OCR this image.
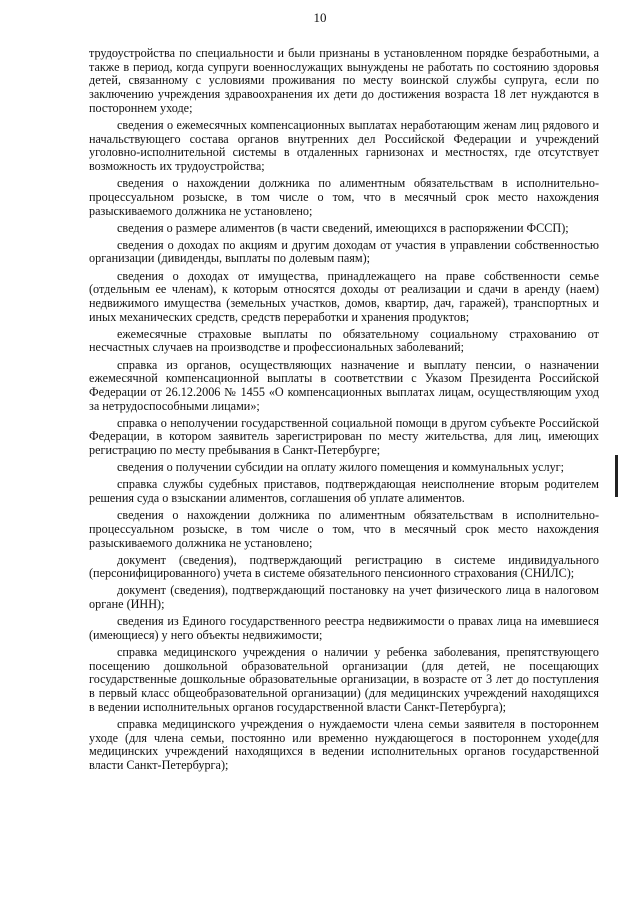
10

трудоустройства по специальности и были признаны в установленном порядке безработными, а также в период, когда супруги военнослужащих вынуждены не работать по состоянию здоровья детей, связанному с условиями проживания по месту воинской службы супруга, если по заключению учреждения здравоохранения их дети до достижения возраста 18 лет нуждаются в постороннем уходе;

сведения о ежемесячных компенсационных выплатах неработающим женам лиц рядового и начальствующего состава органов внутренних дел Российской Федерации и учреждений уголовно-исполнительной системы в отдаленных гарнизонах и местностях, где отсутствует возможность их трудоустройства;

сведения о нахождении должника по алиментным обязательствам в исполнительно-процессуальном розыске, в том числе о том, что в месячный срок место нахождения разыскиваемого должника не установлено;

сведения о размере алиментов (в части сведений, имеющихся в распоряжении ФССП);

сведения о доходах по акциям и другим доходам от участия в управлении собственностью организации (дивиденды, выплаты по долевым паям);

сведения о доходах от имущества, принадлежащего на праве собственности семье (отдельным ее членам), к которым относятся доходы от реализации и сдачи в аренду (наем) недвижимого имущества (земельных участков, домов, квартир, дач, гаражей), транспортных и иных механических средств, средств переработки и хранения продуктов;

ежемесячные страховые выплаты по обязательному социальному страхованию от несчастных случаев на производстве и профессиональных заболеваний;

справка из органов, осуществляющих назначение и выплату пенсии, о назначении ежемесячной компенсационной выплаты в соответствии с Указом Президента Российской Федерации от 26.12.2006 № 1455 «О компенсационных выплатах лицам, осуществляющим уход за нетрудоспособными лицами»;

справка о неполучении государственной социальной помощи в другом субъекте Российской Федерации, в котором заявитель зарегистрирован по месту жительства, для лиц, имеющих регистрацию по месту пребывания в Санкт-Петербурге;

сведения о получении субсидии на оплату жилого помещения и коммунальных услуг;

справка службы судебных приставов, подтверждающая неисполнение вторым родителем решения суда о взыскании алиментов, соглашения об уплате алиментов.

сведения о нахождении должника по алиментным обязательствам в исполнительно-процессуальном розыске, в том числе о том, что в месячный срок место нахождения разыскиваемого должника не установлено;

документ (сведения), подтверждающий регистрацию в системе индивидуального (персонифицированного) учета в системе обязательного пенсионного страхования (СНИЛС);

документ (сведения), подтверждающий постановку на учет физического лица в налоговом органе (ИНН);

сведения из Единого государственного реестра недвижимости о правах лица на имевшиеся (имеющиеся) у него объекты недвижимости;

справка медицинского учреждения о наличии у ребенка заболевания, препятствующего посещению дошкольной образовательной организации (для детей, не посещающих государственные дошкольные образовательные организации, в возрасте от 3 лет до поступления в первый класс общеобразовательной организации) (для медицинских учреждений находящихся в ведении исполнительных органов государственной власти Санкт-Петербурга);

справка медицинского учреждения о нуждаемости члена семьи заявителя в постороннем уходе (для члена семьи, постоянно или временно нуждающегося в постороннем уходе(для медицинских учреждений находящихся в ведении исполнительных органов государственной власти Санкт-Петербурга);
